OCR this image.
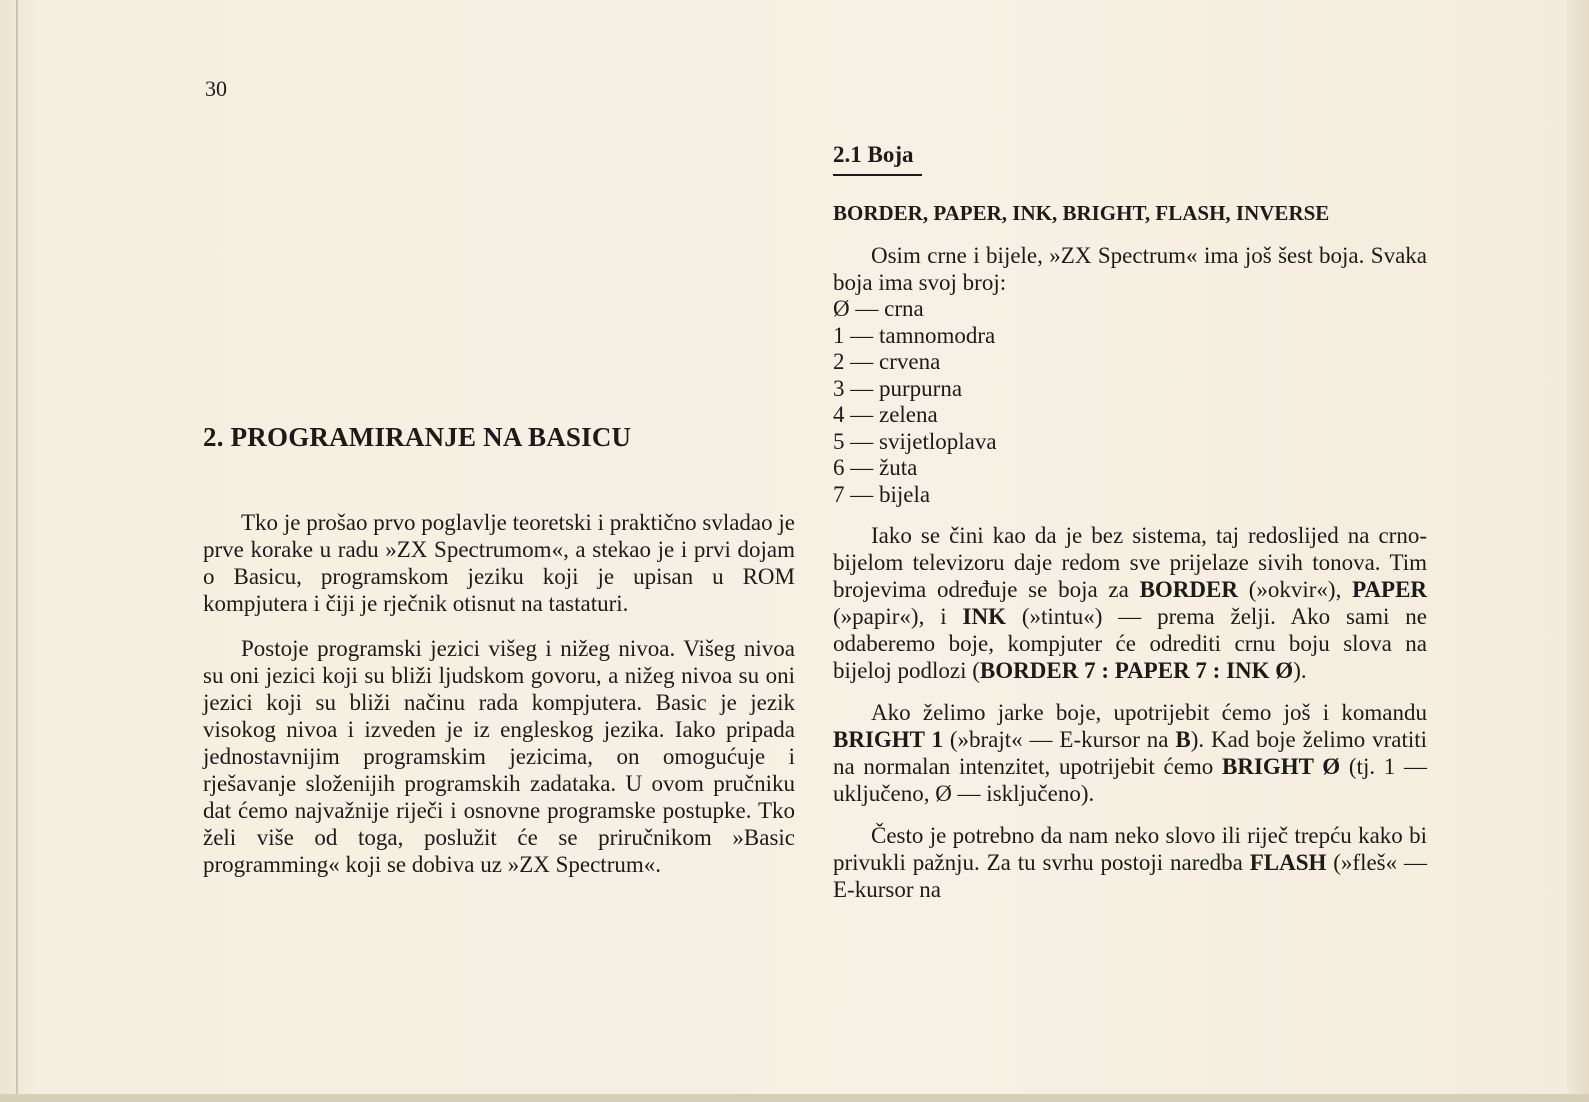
30
2. PROGRAMIRANJE NA BASICU

Tko je prošao prvo poglavlje teoretski i praktično svladao je prve korake u radu »ZX Spectrumom«, a stekao je i prvi dojam o Basicu, programskom jeziku koji je upisan u ROM kompjutera i čiji je rječnik otisnut na tastaturi.

Postoje programski jezici višeg i nižeg nivoa. Višeg nivoa su oni jezici koji su bliži ljudskom govoru, a nižeg nivoa su oni jezici koji su bliži načinu rada kompjutera. Basic je jezik visokog nivoa i izveden je iz engleskog jezika. Iako pripada jednostavnijim programskim jezicima, on omogućuje i rješavanje složenijih programskih zadataka. U ovom pručniku dat ćemo najvažnije riječi i osnovne programske postupke. Tko želi više od toga, poslužit će se priručnikom »Basic programming« koji se dobiva uz »ZX Spectrum«.

2.1 Boja
BORDER, PAPER, INK, BRIGHT, FLASH, INVERSE

Osim crne i bijele, »ZX Spectrum« ima još šest boja. Svaka boja ima svoj broj:

Ø — crna
1 — tamnomodra
2 — crvena
3 — purpurna
4 — zelena
5 — svijetloplava
6 — žuta
7 — bijela

Iako se čini kao da je bez sistema, taj redoslijed na crno-bijelom televizoru daje redom sve prijelaze sivih tonova. Tim brojevima određuje se boja za BORDER (»okvir«), PAPER (»papir«), i INK (»tintu«) — prema želji. Ako sami ne odaberemo boje, kompjuter će odrediti crnu boju slova na bijeloj podlozi (BORDER 7 : PAPER 7 : INK Ø).

Ako želimo jarke boje, upotrijebit ćemo još i komandu BRIGHT 1 (»brajt« — E-kursor na B). Kad boje želimo vratiti na normalan intenzitet, upotrijebit ćemo BRIGHT Ø (tj. 1 — uključeno, Ø — isključeno).

Često je potrebno da nam neko slovo ili riječ trepću kako bi privukli pažnju. Za tu svrhu postoji naredba FLASH (»fleš« — E-kursor na
